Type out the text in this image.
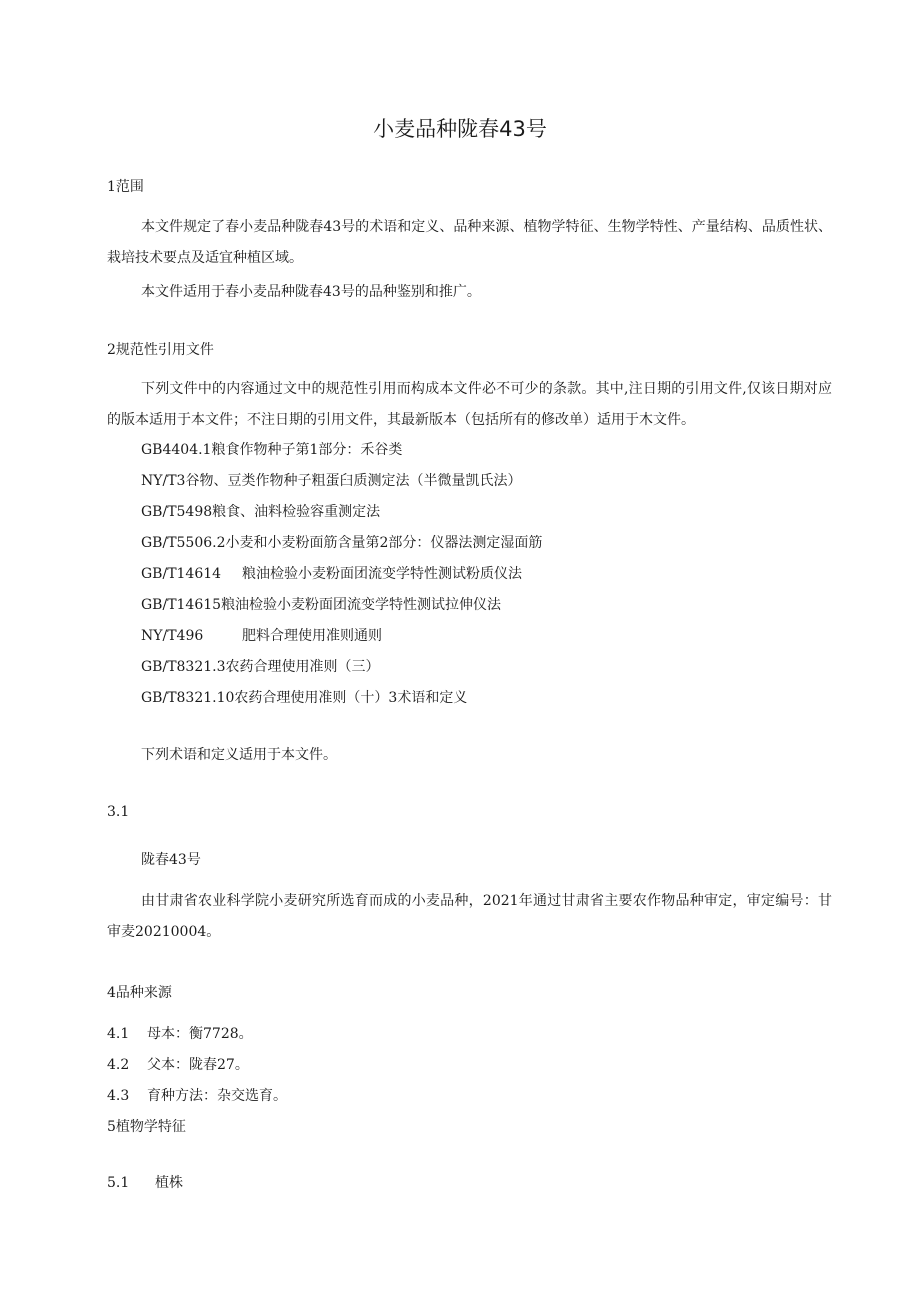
小麦品种陇春43号
1范围
本文件规定了春小麦品种陇春43号的术语和定义、品种来源、植物学特征、生物学特性、产量结构、品质性状、栽培技术要点及适宜种植区域。
本文件适用于春小麦品种陇春43号的品种鉴别和推广。
2规范性引用文件
下列文件中的内容通过文中的规范性引用而构成本文件必不可少的条款。其中,注日期的引用文件,仅该日期对应的版本适用于本文件；不注日期的引用文件，其最新版本（包括所有的修改单）适用于木文件。
GB4404.1粮食作物种子第1部分：禾谷类
NY/T3谷物、豆类作物种子粗蛋臼质测定法（半微量凯氏法）
GB/T5498粮食、油料检验容重测定法
GB/T5506.2小麦和小麦粉面筋含量第2部分：仪器法测定湿面筋
GB/T14614 粮油检验小麦粉面团流变学特性测试粉质仪法
GB/T14615粮油检验小麦粉面团流变学特性测试拉伸仪法
NY/T496	肥料合理使用准则通则
GB/T8321.3农药合理使用准则（三）
GB/T8321.10农药合理使用准则（十）3术语和定义
下列术语和定义适用于本文件。
3.1
陇春43号
由甘肃省农业科学院小麦研究所选育而成的小麦品种，2021年通过甘肃省主要农作物品种审定，审定编号：甘审麦20210004。
4品种来源
4.1 母本：衡7728。
4.2 父本：陇春27。
4.3 育种方法：杂交选育。
5植物学特征
5.1 植株
